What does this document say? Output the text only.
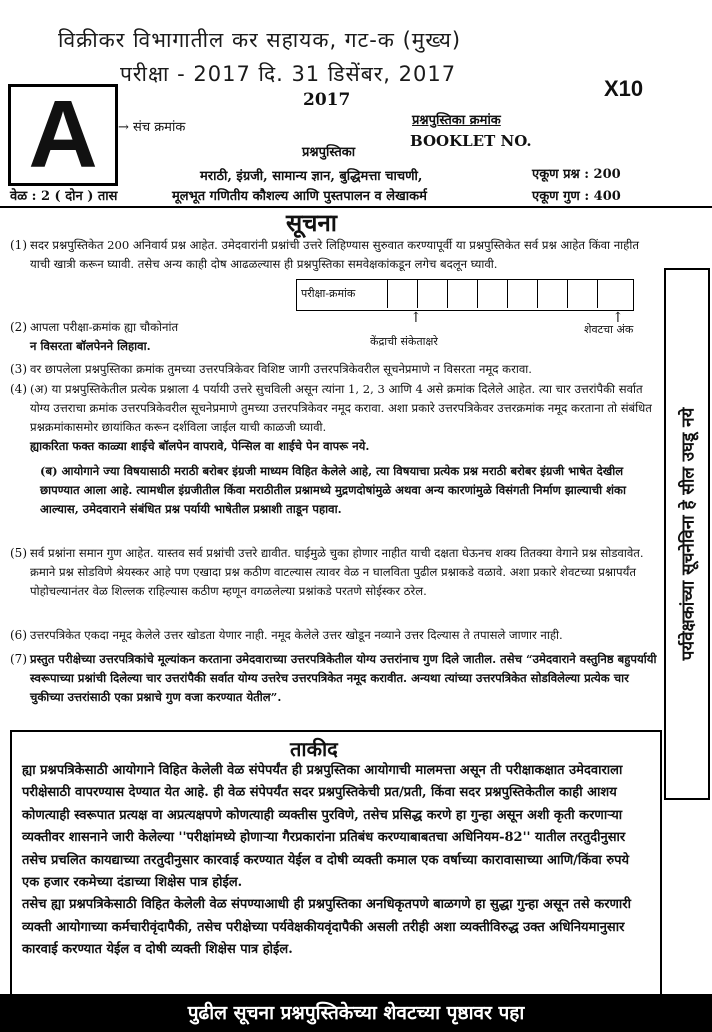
विक्रीकर विभागातील कर सहायक, गट-क (मुख्य)
परीक्षा - 2017 दि. 31 डिसेंबर, 2017
X10
A	→ संच क्रमांक
2017
प्रश्नपुस्तिका
प्रश्नपुस्तिका क्रमांक
BOOKLET NO.
मराठी, इंग्रजी, सामान्य ज्ञान, बुद्धिमत्ता चाचणी,
मूलभूत गणितीय कौशल्य आणि पुस्तपालन व लेखाकर्म
वेळ : 2 ( दोन ) तास
एकूण प्रश्न : 200
एकूण गुण : 400
सूचना
(1) सदर प्रश्नपुस्तिकेत 200 अनिवार्य प्रश्न आहेत. उमेदवारांनी प्रश्नांची उत्तरे लिहिण्यास सुरुवात करण्यापूर्वी या प्रश्नपुस्तिकेत सर्व प्रश्न आहेत किंवा नाहीत याची खात्री करून घ्यावी. तसेच अन्य काही दोष आढळल्यास ही प्रश्नपुस्तिका समवेक्षकांकडून लगेच बदलून घ्यावी.
(2) आपला परीक्षा-क्रमांक ह्या चौकोनांत
न विसरता बॉलपेनने लिहावा.
(3) वर छापलेला प्रश्नपुस्तिका क्रमांक तुमच्या उत्तरपत्रिकेवर विशिष्ट जागी उत्तरपत्रिकेवरील सूचनेप्रमाणे न विसरता नमूद करावा.
(4) (अ) या प्रश्नपुस्तिकेतील प्रत्येक प्रश्नाला 4 पर्यायी उत्तरे सुचविली असून त्यांना 1, 2, 3 आणि 4 असे क्रमांक दिलेले आहेत. त्या चार उत्तरांपैकी सर्वात योग्य उत्तराचा क्रमांक उत्तरपत्रिकेवरील सूचनेप्रमाणे तुमच्या उत्तरपत्रिकेवर नमूद करावा. अशा प्रकारे उत्तरपत्रिकेवर उत्तरक्रमांक नमूद करताना तो संबंधित प्रश्नक्रमांकासमोर छायांकित करून दर्शविला जाईल याची काळजी घ्यावी.
ह्याकरिता फक्त काळ्या शाईचे बॉलपेन वापरावे, पेन्सिल वा शाईचे पेन वापरू नये.
(ब) आयोगाने ज्या विषयासाठी मराठी बरोबर इंग्रजी माध्यम विहित केलेले आहे, त्या विषयाचा प्रत्येक प्रश्न मराठी बरोबर इंग्रजी भाषेत देखील छापण्यात आला आहे. त्यामधील इंग्रजीतील किंवा मराठीतील प्रश्नामध्ये मुद्रणदोषांमुळे अथवा अन्य कारणांमुळे विसंगती निर्माण झाल्याची शंका आल्यास, उमेदवाराने संबंधित प्रश्न पर्यायी भाषेतील प्रश्नाशी ताडून पहावा.
(5) सर्व प्रश्नांना समान गुण आहेत. यास्तव सर्व प्रश्नांची उत्तरे द्यावीत. घाईमुळे चुका होणार नाहीत याची दक्षता घेऊनच शक्य तितक्या वेगाने प्रश्न सोडवावेत. क्रमाने प्रश्न सोडविणे श्रेयस्कर आहे पण एखादा प्रश्न कठीण वाटल्यास त्यावर वेळ न घालविता पुढील प्रश्नाकडे वळावे. अशा प्रकारे शेवटच्या प्रश्नापर्यंत पोहोचल्यानंतर वेळ शिल्लक राहिल्यास कठीण म्हणून वगळलेल्या प्रश्नांकडे परतणे सोईस्कर ठरेल.
(6) उत्तरपत्रिकेत एकदा नमूद केलेले उत्तर खोडता येणार नाही. नमूद केलेले उत्तर खोडून नव्याने उत्तर दिल्यास ते तपासले जाणार नाही.
(7) प्रस्तुत परीक्षेच्या उत्तरपत्रिकांचे मूल्यांकन करताना उमेदवाराच्या उत्तरपत्रिकेतील योग्य उत्तरांनाच गुण दिले जातील. तसेच “उमेदवाराने वस्तुनिष्ठ बहुपर्यायी स्वरूपाच्या प्रश्नांची दिलेल्या चार उत्तरांपैकी सर्वात योग्य उत्तरेच उत्तरपत्रिकेत नमूद करावीत. अन्यथा त्यांच्या उत्तरपत्रिकेत सोडविलेल्या प्रत्येक चार चुकीच्या उत्तरांसाठी एका प्रश्नाचे गुण वजा करण्यात येतील”.
परीक्षा-क्रमांक
↑	↑
केंद्राची संकेताक्षरे
शेवटचा अंक
पर्यवेक्षकांच्या सूचनेविना हे सील उघडू नये
ताकीद
ह्या प्रश्नपत्रिकेसाठी आयोगाने विहित केलेली वेळ संपेपर्यंत ही प्रश्नपुस्तिका आयोगाची मालमत्ता असून ती परीक्षाकक्षात उमेदवाराला परीक्षेसाठी वापरण्यास देण्यात येत आहे. ही वेळ संपेपर्यंत सदर प्रश्नपुस्तिकेची प्रत/प्रती, किंवा सदर प्रश्नपुस्तिकेतील काही आशय कोणत्याही स्वरूपात प्रत्यक्ष वा अप्रत्यक्षपणे कोणत्याही व्यक्तीस पुरविणे, तसेच प्रसिद्ध करणे हा गुन्हा असून अशी कृती करणाऱ्या व्यक्तीवर शासनाने जारी केलेल्या ''परीक्षांमध्ये होणाऱ्या गैरप्रकारांना प्रतिबंध करण्याबाबतचा अधिनियम-82'' यातील तरतुदीनुसार तसेच प्रचलित कायद्याच्या तरतुदीनुसार कारवाई करण्यात येईल व दोषी व्यक्ती कमाल एक वर्षाच्या कारावासाच्या आणि/किंवा रुपये एक हजार रकमेच्या दंडाच्या शिक्षेस पात्र होईल.
तसेच ह्या प्रश्नपत्रिकेसाठी विहित केलेली वेळ संपण्याआधी ही प्रश्नपुस्तिका अनधिकृतपणे बाळगणे हा सुद्धा गुन्हा असून तसे करणारी व्यक्ती आयोगाच्या कर्मचारीवृंदापैकी, तसेच परीक्षेच्या पर्यवेक्षकीयवृंदापैकी असली तरीही अशा व्यक्तीविरुद्ध उक्त अधिनियमानुसार कारवाई करण्यात येईल व दोषी व्यक्ती शिक्षेस पात्र होईल.
पुढील सूचना प्रश्नपुस्तिकेच्या शेवटच्या पृष्ठावर पहा
